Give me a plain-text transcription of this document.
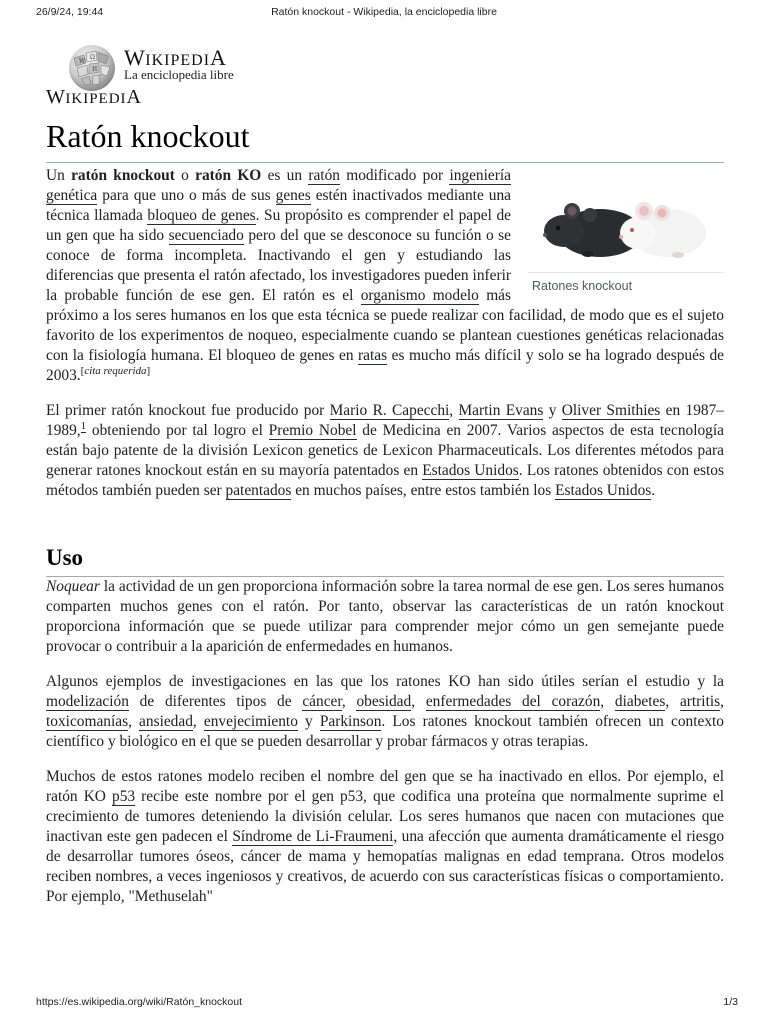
26/9/24, 19:44	Ratón knockout - Wikipedia, la enciclopedia libre
W
Ω
И WIKIPEDIA
La enciclopedia libre
WIKIPEDIA
Ratón knockout
Ratones knockout

Un ratón knockout o ratón KO es un ratón modificado por ingeniería genética para que uno o más de sus genes estén inactivados mediante una técnica llamada bloqueo de genes. Su propósito es comprender el papel de un gen que ha sido secuenciado pero del que se desconoce su función o se conoce de forma incompleta. Inactivando el gen y estudiando las diferencias que presenta el ratón afectado, los investigadores pueden inferir la probable función de ese gen. El ratón es el organismo modelo más próximo a los seres humanos en los que esta técnica se puede realizar con facilidad, de modo que es el sujeto favorito de los experimentos de noqueo, especialmente cuando se plantean cuestiones genéticas relacionadas con la fisiología humana. El bloqueo de genes en ratas es mucho más difícil y solo se ha logrado después de 2003.[cita requerida]

El primer ratón knockout fue producido por Mario R. Capecchi, Martin Evans y Oliver Smithies en 1987–1989,$^1$ obteniendo por tal logro el Premio Nobel de Medicina en 2007. Varios aspectos de esta tecnología están bajo patente de la división Lexicon genetics de Lexicon Pharmaceuticals. Los diferentes métodos para generar ratones knockout están en su mayoría patentados en Estados Unidos. Los ratones obtenidos con estos métodos también pueden ser patentados en muchos países, entre estos también los Estados Unidos.

Uso

Noquear la actividad de un gen proporciona información sobre la tarea normal de ese gen. Los seres humanos comparten muchos genes con el ratón. Por tanto, observar las características de un ratón knockout proporciona información que se puede utilizar para comprender mejor cómo un gen semejante puede provocar o contribuir a la aparición de enfermedades en humanos.

Algunos ejemplos de investigaciones en las que los ratones KO han sido útiles serían el estudio y la modelización de diferentes tipos de cáncer, obesidad, enfermedades del corazón, diabetes, artritis, toxicomanías, ansiedad, envejecimiento y Parkinson. Los ratones knockout también ofrecen un contexto científico y biológico en el que se pueden desarrollar y probar fármacos y otras terapias.

Muchos de estos ratones modelo reciben el nombre del gen que se ha inactivado en ellos. Por ejemplo, el ratón KO p53 recibe este nombre por el gen p53, que codifica una proteína que normalmente suprime el crecimiento de tumores deteniendo la división celular. Los seres humanos que nacen con mutaciones que inactivan este gen padecen el Síndrome de Li-Fraumeni, una afección que aumenta dramáticamente el riesgo de desarrollar tumores óseos, cáncer de mama y hemopatías malignas en edad temprana. Otros modelos reciben nombres, a veces ingeniosos y creativos, de acuerdo con sus características físicas o comportamiento. Por ejemplo, "Methuselah"

https://es.wikipedia.org/wiki/Ratón_knockout	1/3
